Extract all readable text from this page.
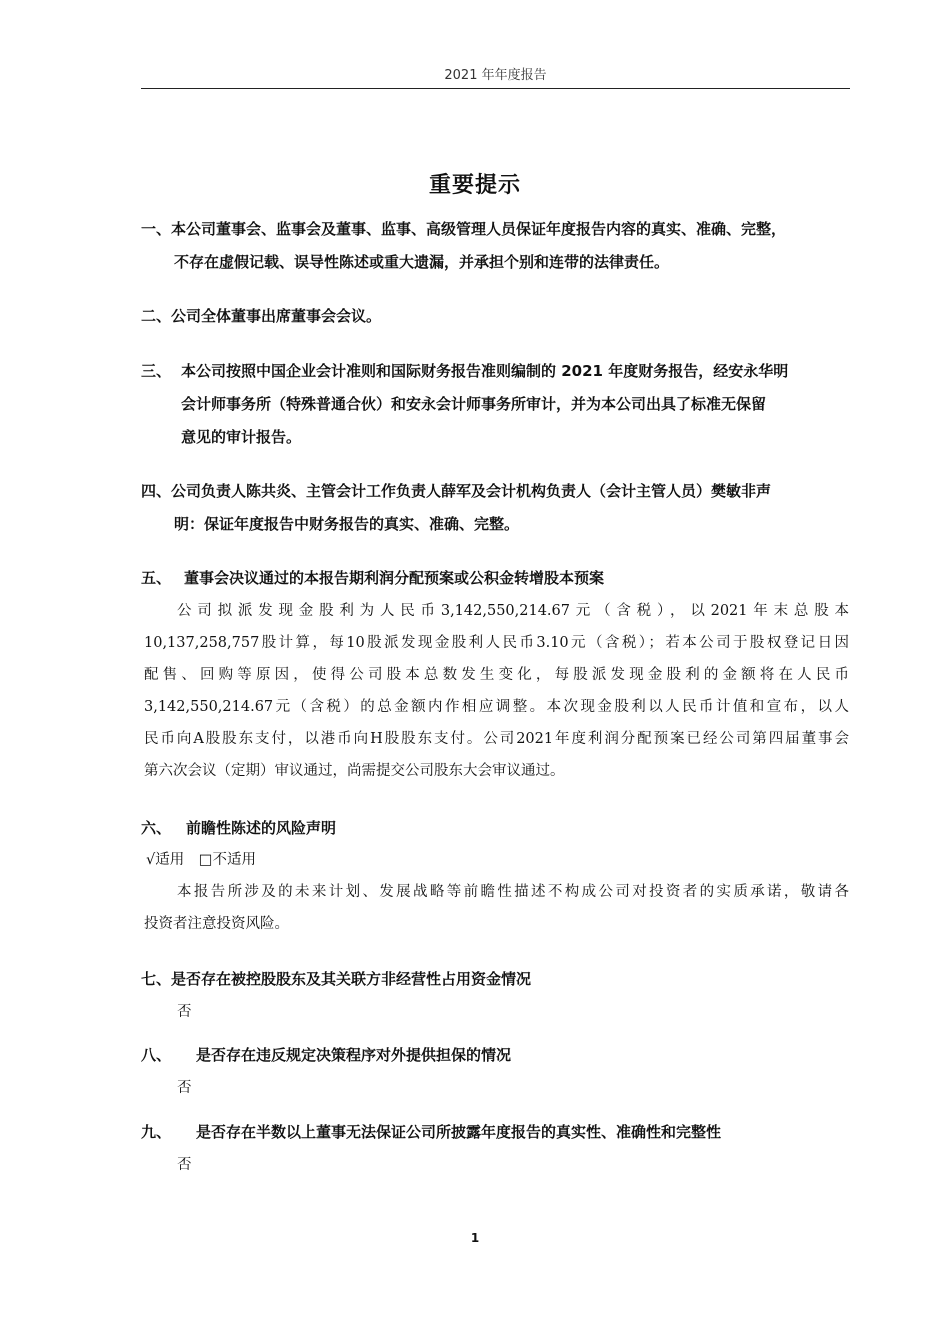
2021 年年度报告
重要提示
一、本公司董事会、监事会及董事、监事、高级管理人员保证年度报告内容的真实、准确、完整，
不存在虚假记载、误导性陈述或重大遗漏，并承担个别和连带的法律责任。
二、公司全体董事出席董事会会议。
三、 本公司按照中国企业会计准则和国际财务报告准则编制的 2021 年度财务报告，经安永华明
会计师事务所（特殊普通合伙）和安永会计师事务所审计，并为本公司出具了标准无保留
意见的审计报告。
四、公司负责人陈共炎、主管会计工作负责人薛军及会计机构负责人（会计主管人员）樊敏非声
明：保证年度报告中财务报告的真实、准确、完整。
五、 董事会决议通过的本报告期利润分配预案或公积金转增股本预案
公司拟派发现金股利为人民币3,142,550,214.67元（含税），以2021年末总股本
10,137,258,757股计算，每10股派发现金股利人民币3.10元（含税）；若本公司于股权登记日因
配售、回购等原因，使得公司股本总数发生变化，每股派发现金股利的金额将在人民币
3,142,550,214.67元（含税）的总金额内作相应调整。本次现金股利以人民币计值和宣布，以人
民币向A股股东支付，以港币向H股股东支付。公司2021年度利润分配预案已经公司第四届董事会
第六次会议（定期）审议通过，尚需提交公司股东大会审议通过。
六、 前瞻性陈述的风险声明
√适用　□不适用
本报告所涉及的未来计划、发展战略等前瞻性描述不构成公司对投资者的实质承诺，敬请各
投资者注意投资风险。
七、是否存在被控股股东及其关联方非经营性占用资金情况
否
八、 是否存在违反规定决策程序对外提供担保的情况
否
九、 是否存在半数以上董事无法保证公司所披露年度报告的真实性、准确性和完整性
否
1
